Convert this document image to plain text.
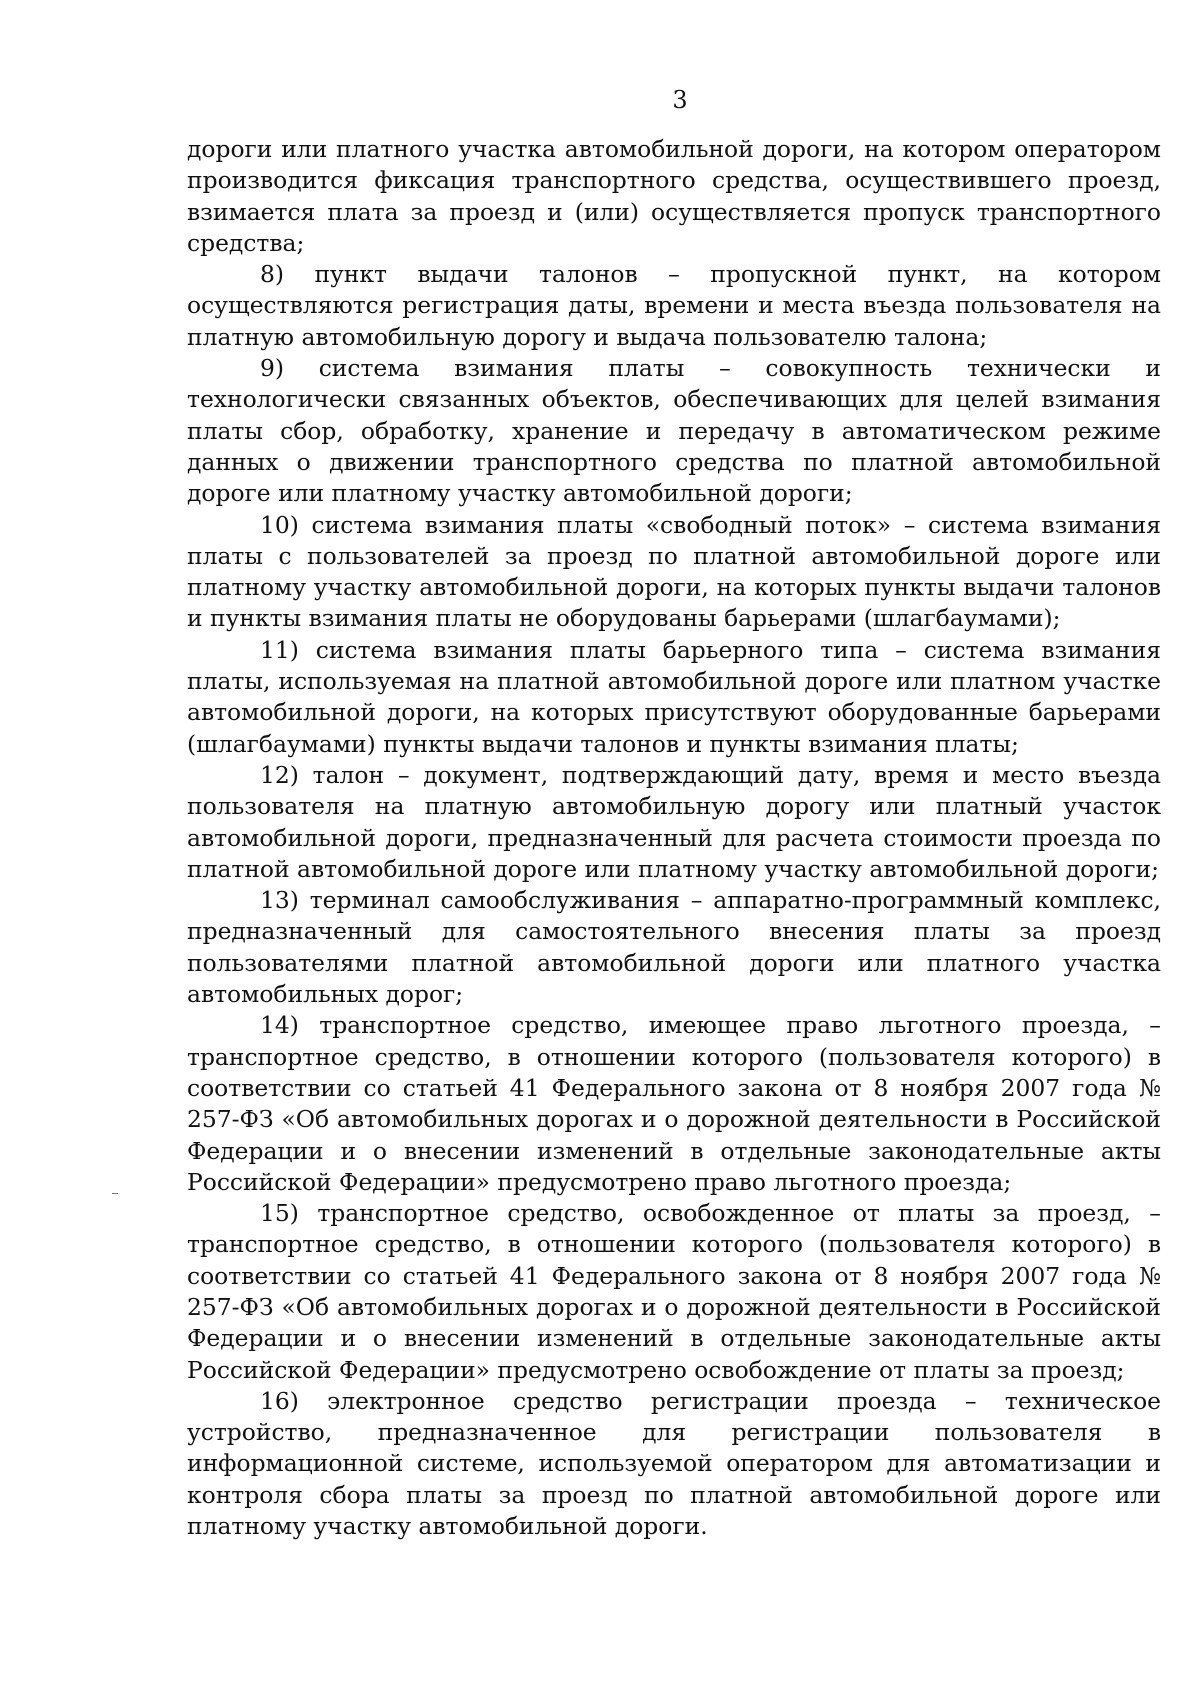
3

дороги или платного участка автомобильной дороги, на котором оператором производится фиксация транспортного средства, осуществившего проезд, взимается плата за проезд и (или) осуществляется пропуск транспортного средства;

8) пункт выдачи талонов – пропускной пункт, на котором осуществляются регистрация даты, времени и места въезда пользователя на платную автомобильную дорогу и выдача пользователю талона;

9) система взимания платы – совокупность технически и технологически связанных объектов, обеспечивающих для целей взимания платы сбор, обработку, хранение и передачу в автоматическом режиме данных о движении транспортного средства по платной автомобильной дороге или платному участку автомобильной дороги;

10) система взимания платы «свободный поток» – система взимания платы с пользователей за проезд по платной автомобильной дороге или платному участку автомобильной дороги, на которых пункты выдачи талонов и пункты взимания платы не оборудованы барьерами (шлагбаумами);

11) система взимания платы барьерного типа – система взимания платы, используемая на платной автомобильной дороге или платном участке автомобильной дороги, на которых присутствуют оборудованные барьерами (шлагбаумами) пункты выдачи талонов и пункты взимания платы;

12) талон – документ, подтверждающий дату, время и место въезда пользователя на платную автомобильную дорогу или платный участок автомобильной дороги, предназначенный для расчета стоимости проезда по платной автомобильной дороге или платному участку автомобильной дороги;

13) терминал самообслуживания – аппаратно-программный комплекс, предназначенный для самостоятельного внесения платы за проезд пользователями платной автомобильной дороги или платного участка автомобильных дорог;

14) транспортное средство, имеющее право льготного проезда, – транспортное средство, в отношении которого (пользователя которого) в соответствии со статьей 41 Федерального закона от 8 ноября 2007 года № 257-ФЗ «Об автомобильных дорогах и о дорожной деятельности в Российской Федерации и о внесении изменений в отдельные законодательные акты Российской Федерации» предусмотрено право льготного проезда;

15) транспортное средство, освобожденное от платы за проезд, – транспортное средство, в отношении которого (пользователя которого) в соответствии со статьей 41 Федерального закона от 8 ноября 2007 года № 257-ФЗ «Об автомобильных дорогах и о дорожной деятельности в Российской Федерации и о внесении изменений в отдельные законодательные акты Российской Федерации» предусмотрено освобождение от платы за проезд;

16) электронное средство регистрации проезда – техническое устройство, предназначенное для регистрации пользователя в информационной системе, используемой оператором для автоматизации и контроля сбора платы за проезд по платной автомобильной дороге или платному участку автомобильной дороги.
